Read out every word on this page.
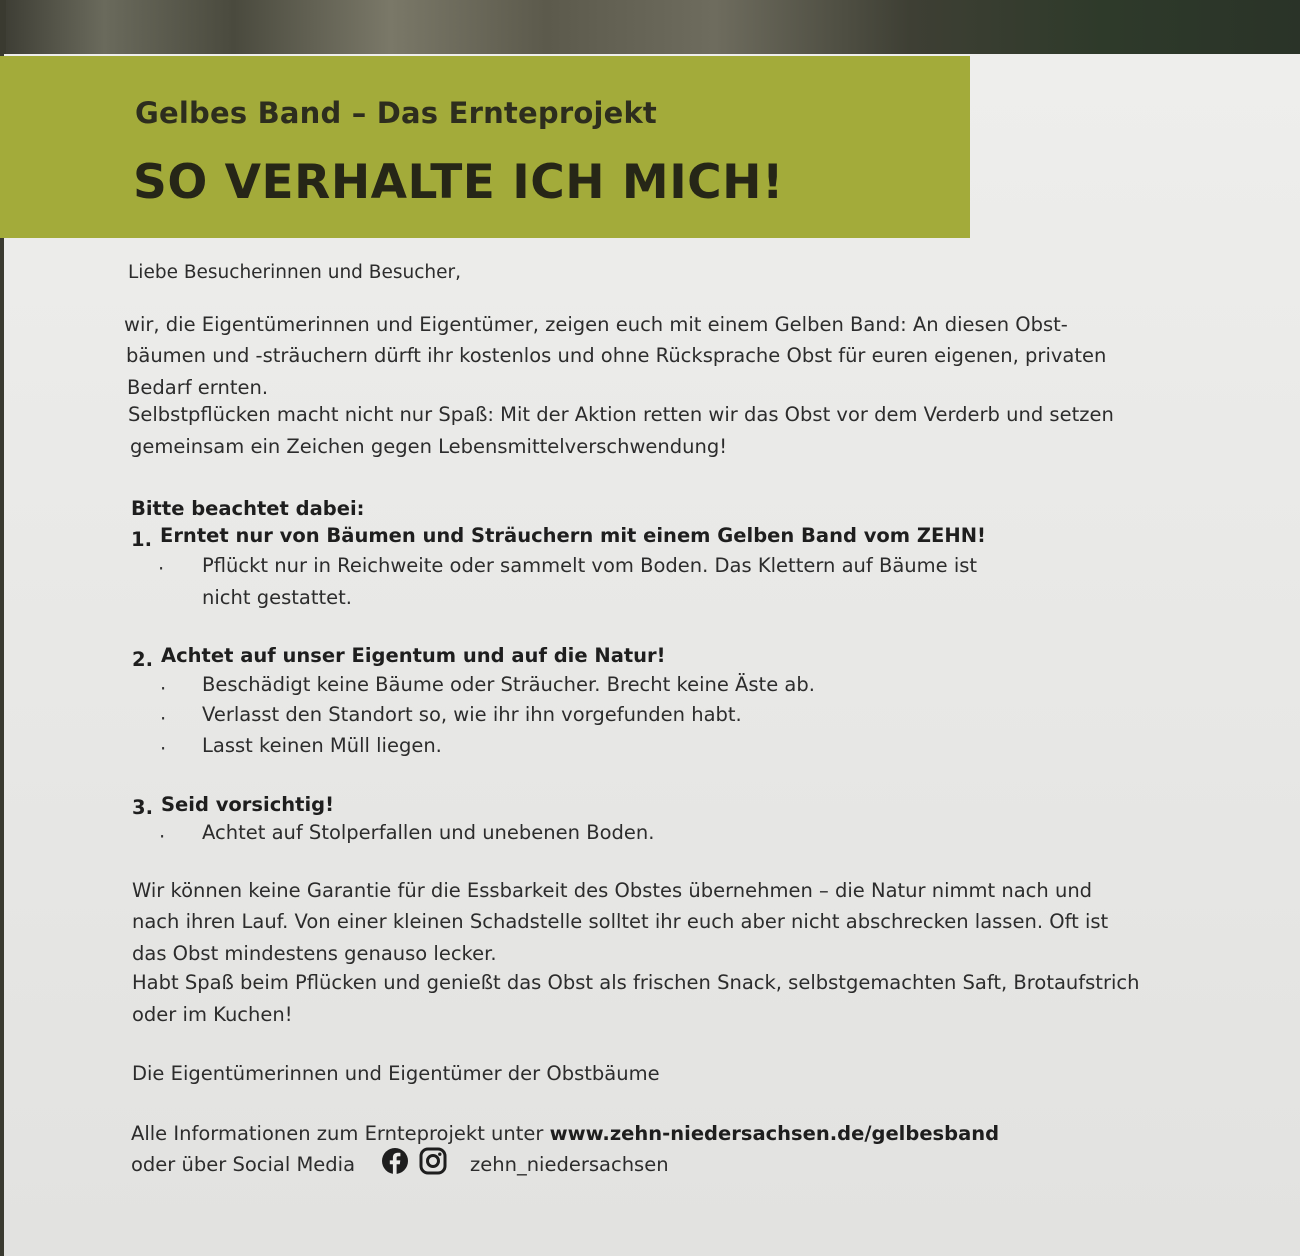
Gelbes Band – Das Ernteprojekt
SO VERHALTE ICH MICH!
Liebe Besucherinnen und Besucher,
wir, die Eigentümerinnen und Eigentümer, zeigen euch mit einem Gelben Band: An diesen Obst-
bäumen und -sträuchern dürft ihr kostenlos und ohne Rücksprache Obst für euren eigenen, privaten
Bedarf ernten.
Selbstpflücken macht nicht nur Spaß: Mit der Aktion retten wir das Obst vor dem Verderb und setzen
gemeinsam ein Zeichen gegen Lebensmittelverschwendung!
Bitte beachtet dabei:
1. Erntet nur von Bäumen und Sträuchern mit einem Gelben Band vom ZEHN!
· Pflückt nur in Reichweite oder sammelt vom Boden. Das Klettern auf Bäume ist
nicht gestattet.
2. Achtet auf unser Eigentum und auf die Natur!
· Beschädigt keine Bäume oder Sträucher. Brecht keine Äste ab.
· Verlasst den Standort so, wie ihr ihn vorgefunden habt.
· Lasst keinen Müll liegen.
3. Seid vorsichtig!
· Achtet auf Stolperfallen und unebenen Boden.
Wir können keine Garantie für die Essbarkeit des Obstes übernehmen – die Natur nimmt nach und
nach ihren Lauf. Von einer kleinen Schadstelle solltet ihr euch aber nicht abschrecken lassen. Oft ist
das Obst mindestens genauso lecker.
Habt Spaß beim Pflücken und genießt das Obst als frischen Snack, selbstgemachten Saft, Brotaufstrich
oder im Kuchen!
Die Eigentümerinnen und Eigentümer der Obstbäume
Alle Informationen zum Ernteprojekt unter www.zehn-niedersachsen.de/gelbesband
oder über Social Media	zehn_niedersachsen
